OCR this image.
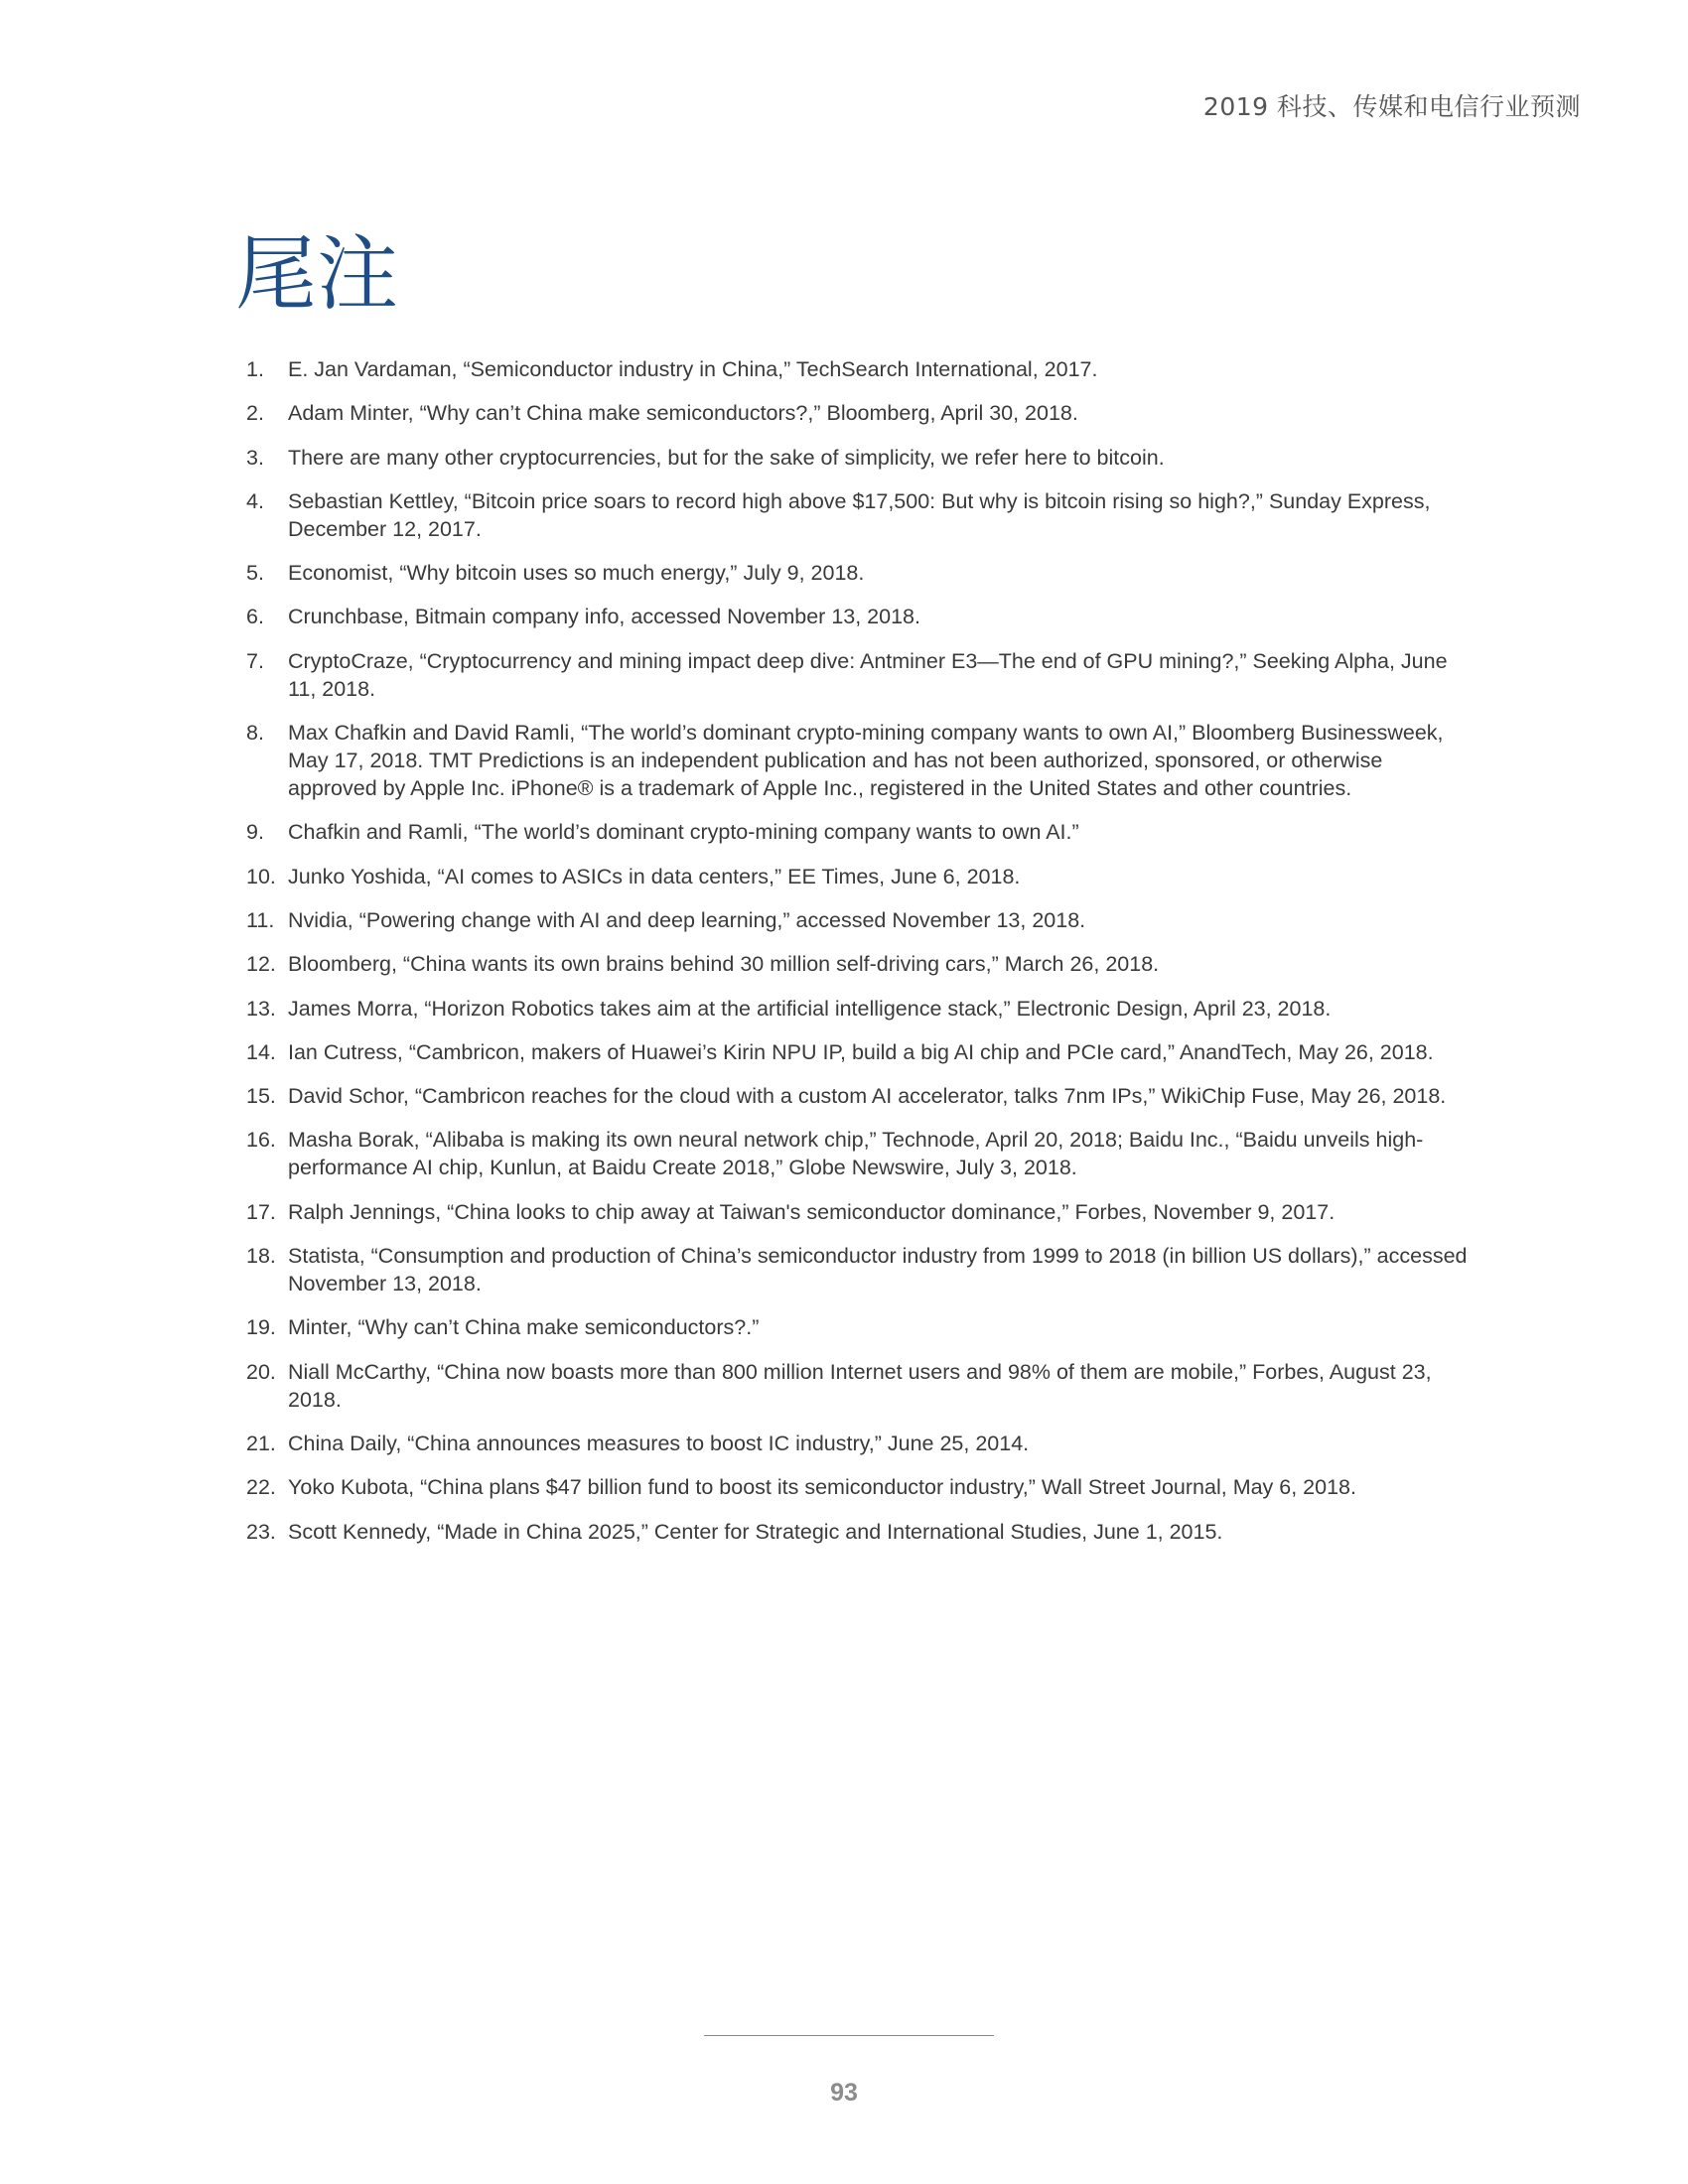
2019 科技、传媒和电信行业预测
尾注
1.	E. Jan Vardaman, “Semiconductor industry in China,” TechSearch International, 2017.
2.	Adam Minter, “Why can’t China make semiconductors?,” Bloomberg, April 30, 2018.
3.	There are many other cryptocurrencies, but for the sake of simplicity, we refer here to bitcoin.
4.	Sebastian Kettley, “Bitcoin price soars to record high above $17,500: But why is bitcoin rising so high?,” Sunday Express, December 12, 2017.
5.	Economist, “Why bitcoin uses so much energy,” July 9, 2018.
6.	Crunchbase, Bitmain company info, accessed November 13, 2018.
7.	CryptoCraze, “Cryptocurrency and mining impact deep dive: Antminer E3—The end of GPU mining?,” Seeking Alpha, June 11, 2018.
8.	Max Chafkin and David Ramli, “The world’s dominant crypto-mining company wants to own AI,” Bloomberg Businessweek, May 17, 2018. TMT Predictions is an independent publication and has not been authorized, sponsored, or otherwise approved by Apple Inc. iPhone® is a trademark of Apple Inc., registered in the United States and other countries.
9.	Chafkin and Ramli, “The world’s dominant crypto-mining company wants to own AI.”
10. Junko Yoshida, “AI comes to ASICs in data centers,” EE Times, June 6, 2018.
11. Nvidia, “Powering change with AI and deep learning,” accessed November 13, 2018.
12. Bloomberg, “China wants its own brains behind 30 million self-driving cars,” March 26, 2018.
13. James Morra, “Horizon Robotics takes aim at the artificial intelligence stack,” Electronic Design, April 23, 2018.
14. Ian Cutress, “Cambricon, makers of Huawei’s Kirin NPU IP, build a big AI chip and PCIe card,” AnandTech, May 26, 2018.
15. David Schor, “Cambricon reaches for the cloud with a custom AI accelerator, talks 7nm IPs,” WikiChip Fuse, May 26, 2018.
16. Masha Borak, “Alibaba is making its own neural network chip,” Technode, April 20, 2018; Baidu Inc., “Baidu unveils high-performance AI chip, Kunlun, at Baidu Create 2018,” Globe Newswire, July 3, 2018.
17. Ralph Jennings, “China looks to chip away at Taiwan's semiconductor dominance,” Forbes, November 9, 2017.
18. Statista, “Consumption and production of China’s semiconductor industry from 1999 to 2018 (in billion US dollars),” accessed November 13, 2018.
19. Minter, “Why can’t China make semiconductors?.”
20. Niall McCarthy, “China now boasts more than 800 million Internet users and 98% of them are mobile,” Forbes, August 23, 2018.
21. China Daily, “China announces measures to boost IC industry,” June 25, 2014.
22. Yoko Kubota, “China plans $47 billion fund to boost its semiconductor industry,” Wall Street Journal, May 6, 2018.
23. Scott Kennedy, “Made in China 2025,” Center for Strategic and International Studies, June 1, 2015.
93
